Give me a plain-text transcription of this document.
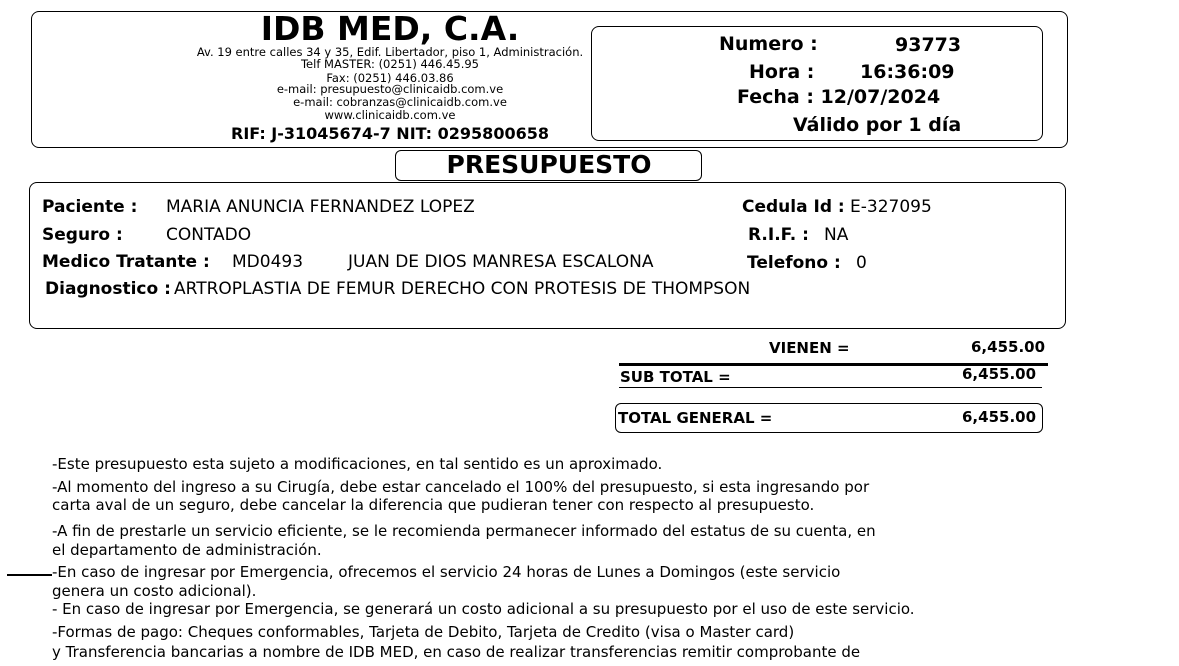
IDB MED, C.A.
Av. 19 entre calles 34 y 35, Edif. Libertador, piso 1, Administración.
Telf MASTER: (0251) 446.45.95
Fax: (0251) 446.03.86
e-mail: presupuesto@clinicaidb.com.ve
e-mail: cobranzas@clinicaidb.com.ve
www.clinicaidb.com.ve
RIF: J-31045674-7 NIT: 0295800658
Numero :	93773
Hora : 16:36:09
Fecha : 12/07/2024
Válido por 1 día
PRESUPUESTO
Paciente : MARIA ANUNCIA FERNANDEZ LOPEZ	Cedula Id : E-327095
Seguro :	CONTADO	R.I.F. : NA
Medico Tratante : MD0493	JUAN DE DIOS MANRESA ESCALONA	Telefono : 0
Diagnostico : ARTROPLASTIA DE FEMUR DERECHO CON PROTESIS DE THOMPSON
VIENEN =	6,455.00
SUB TOTAL =	6,455.00
TOTAL GENERAL =	6,455.00
-Este presupuesto esta sujeto a modificaciones, en tal sentido es un aproximado.
-Al momento del ingreso a su Cirugía, debe estar cancelado el 100% del presupuesto, si esta ingresando por
carta aval de un seguro, debe cancelar la diferencia que pudieran tener con respecto al presupuesto.
-A fin de prestarle un servicio eficiente, se le recomienda permanecer informado del estatus de su cuenta, en
el departamento de administración.
-En caso de ingresar por Emergencia, ofrecemos el servicio 24 horas de Lunes a Domingos (este servicio
genera un costo adicional).
- En caso de ingresar por Emergencia, se generará un costo adicional a su presupuesto por el uso de este servicio.
-Formas de pago: Cheques conformables, Tarjeta de Debito, Tarjeta de Credito (visa o Master card)
y Transferencia bancarias a nombre de IDB MED, en caso de realizar transferencias remitir comprobante de
